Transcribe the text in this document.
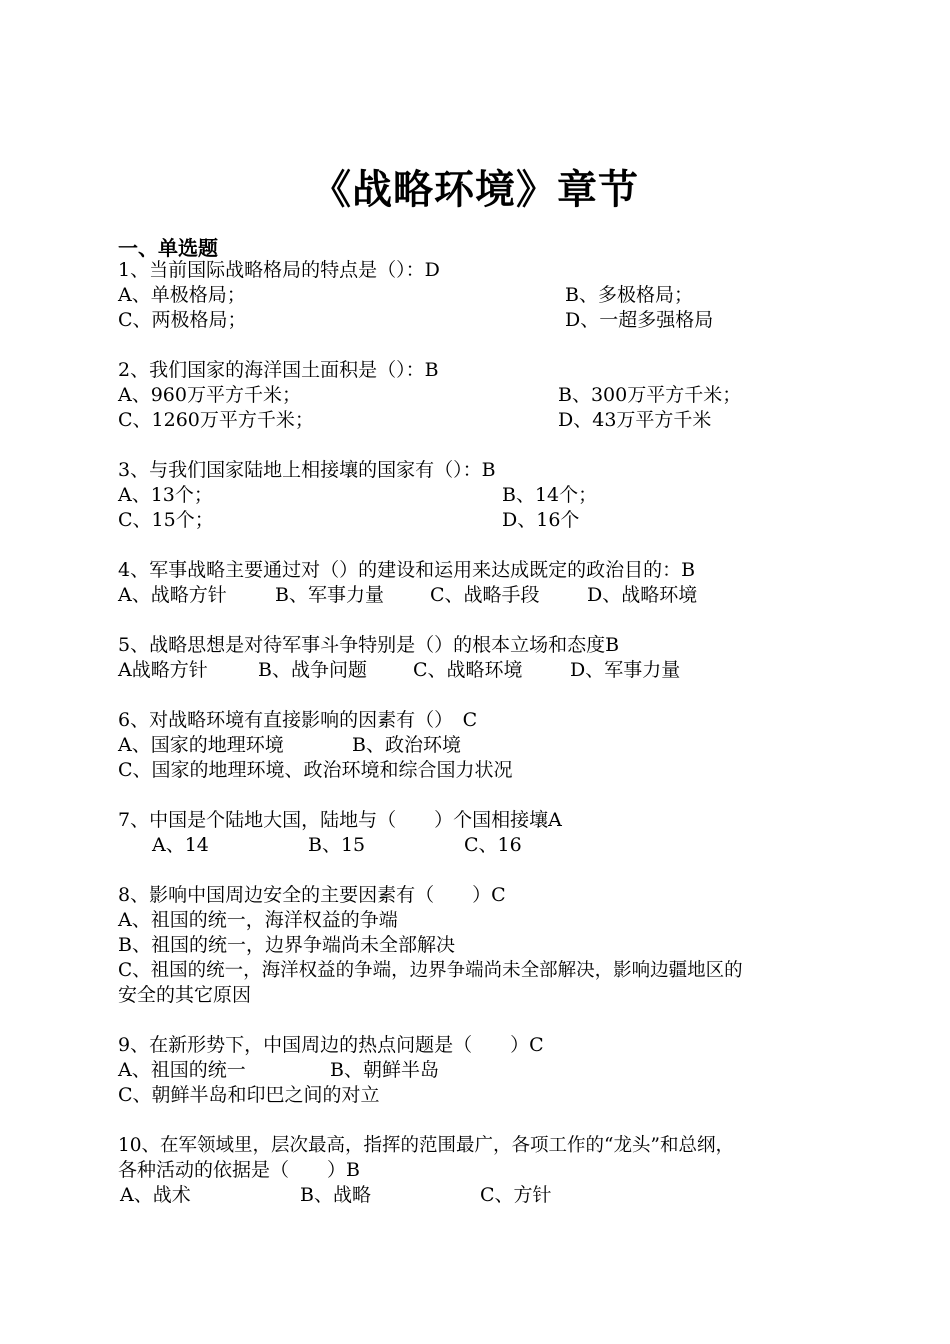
《战略环境》章节
一、单选题
1、当前国际战略格局的特点是（）：D
A、单极格局；	B、多极格局；
C、两极格局；	D、一超多强格局
2、我们国家的海洋国土面积是（）：B
A、960万平方千米；	B、300万平方千米；
C、1260万平方千米；	D、43万平方千米
3、与我们国家陆地上相接壤的国家有（）：B
A、13个；	B、14个；
C、15个；	D、16个
4、军事战略主要通过对（）的建设和运用来达成既定的政治目的：B
A、战略方针	B、军事力量 C、战略手段 D、战略环境
5、战略思想是对待军事斗争特别是（）的根本立场和态度B
A战略方针	B、战争问题 C、战略环境 D、军事力量
6、对战略环境有直接影响的因素有（）　C
A、国家的地理环境	B、政治环境
C、国家的地理环境、政治环境和综合国力状况
7、中国是个陆地大国，陆地与（　　）个国相接壤A
A、14	B、15	C、16
8、影响中国周边安全的主要因素有（　　）C
A、祖国的统一，海洋权益的争端
B、祖国的统一，边界争端尚未全部解决
C、祖国的统一，海洋权益的争端，边界争端尚未全部解决，影响边疆地区的
安全的其它原因
9、在新形势下，中国周边的热点问题是（　　）C
A、祖国的统一	B、朝鲜半岛
C、朝鲜半岛和印巴之间的对立
10、在军领域里，层次最高，指挥的范围最广，各项工作的“龙头”和总纲，
各种活动的依据是（　　）B
A、战术	B、战略	C、方针
